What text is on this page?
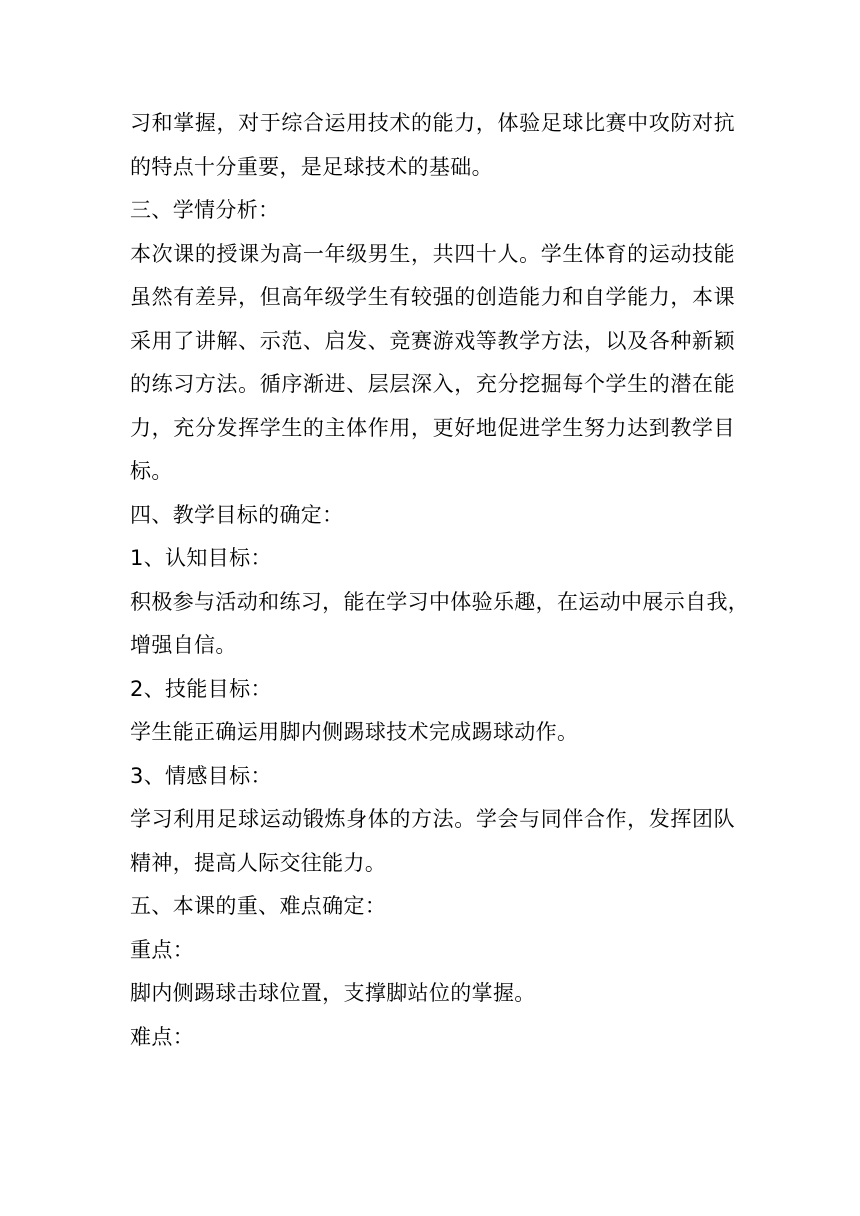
习和掌握，对于综合运用技术的能力，体验足球比赛中攻防对抗
的特点十分重要，是足球技术的基础。
三、学情分析：
本次课的授课为高一年级男生，共四十人。学生体育的运动技能
虽然有差异，但高年级学生有较强的创造能力和自学能力，本课
采用了讲解、示范、启发、竞赛游戏等教学方法，以及各种新颖
的练习方法。循序渐进、层层深入，充分挖掘每个学生的潜在能
力，充分发挥学生的主体作用，更好地促进学生努力达到教学目
标。
四、教学目标的确定：
1、认知目标：
积极参与活动和练习，能在学习中体验乐趣，在运动中展示自我，
增强自信。
2、技能目标：
学生能正确运用脚内侧踢球技术完成踢球动作。
3、情感目标：
学习利用足球运动锻炼身体的方法。学会与同伴合作，发挥团队
精神，提高人际交往能力。
五、本课的重、难点确定：
重点：
脚内侧踢球击球位置，支撑脚站位的掌握。
难点：
